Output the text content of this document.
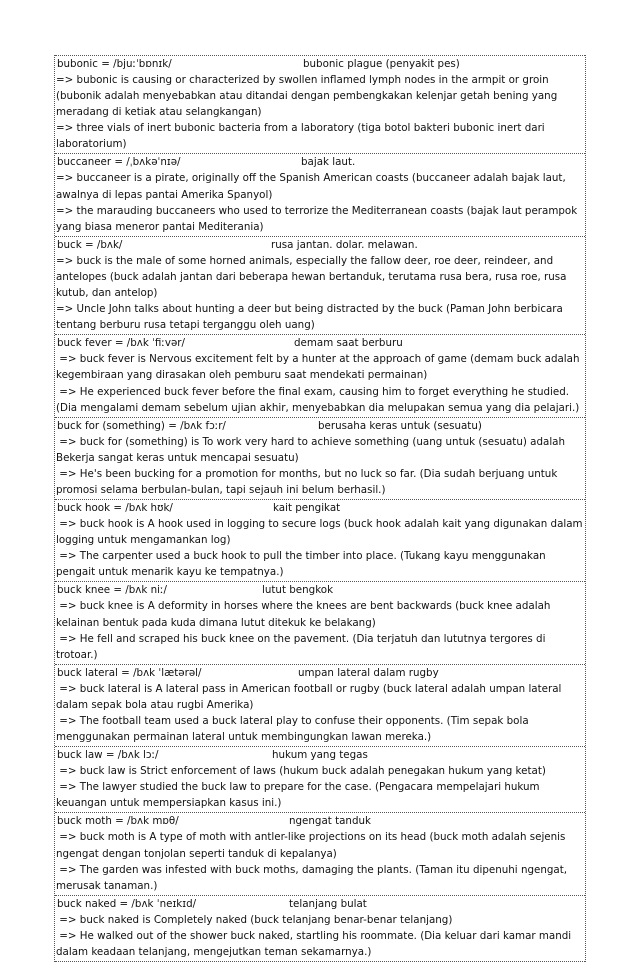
bubonic = /bjuːˈbɒnɪk/	bubonic plague (penyakit pes)
=> bubonic is causing or characterized by swollen inflamed lymph nodes in the armpit or groin (bubonik adalah menyebabkan atau ditandai dengan pembengkakan kelenjar getah bening yang meradang di ketiak atau selangkangan)
=> three vials of inert bubonic bacteria from a laboratory (tiga botol bakteri bubonic inert dari laboratorium)
buccaneer = /ˌbʌkəˈnɪə/	bajak laut.
=> buccaneer is a pirate, originally off the Spanish American coasts (buccaneer adalah bajak laut, awalnya di lepas pantai Amerika Spanyol)
=> the marauding buccaneers who used to terrorize the Mediterranean coasts (bajak laut perampok yang biasa meneror pantai Mediterania)
buck = /bʌk/	rusa jantan. dolar. melawan.
=> buck is the male of some horned animals, especially the fallow deer, roe deer, reindeer, and antelopes (buck adalah jantan dari beberapa hewan bertanduk, terutama rusa bera, rusa roe, rusa kutub, dan antelop)
=> Uncle John talks about hunting a deer but being distracted by the buck (Paman John berbicara tentang berburu rusa tetapi terganggu oleh uang)
buck fever = /bʌk ˈfiːvər/	demam saat berburu
=> buck fever is Nervous excitement felt by a hunter at the approach of game (demam buck adalah kegembiraan yang dirasakan oleh pemburu saat mendekati permainan)
=> He experienced buck fever before the final exam, causing him to forget everything he studied. (Dia mengalami demam sebelum ujian akhir, menyebabkan dia melupakan semua yang dia pelajari.)
buck for (something) = /bʌk fɔːr/	berusaha keras untuk (sesuatu)
=> buck for (something) is To work very hard to achieve something (uang untuk (sesuatu) adalah Bekerja sangat keras untuk mencapai sesuatu)
=> He's been bucking for a promotion for months, but no luck so far. (Dia sudah berjuang untuk promosi selama berbulan-bulan, tapi sejauh ini belum berhasil.)
buck hook = /bʌk hʊk/	kait pengikat
=> buck hook is A hook used in logging to secure logs (buck hook adalah kait yang digunakan dalam logging untuk mengamankan log)
=> The carpenter used a buck hook to pull the timber into place. (Tukang kayu menggunakan pengait untuk menarik kayu ke tempatnya.)
buck knee = /bʌk niː/	lutut bengkok
=> buck knee is A deformity in horses where the knees are bent backwards (buck knee adalah kelainan bentuk pada kuda dimana lutut ditekuk ke belakang)
=> He fell and scraped his buck knee on the pavement. (Dia terjatuh dan lututnya tergores di trotoar.)
buck lateral = /bʌk ˈlætərəl/	umpan lateral dalam rugby
=> buck lateral is A lateral pass in American football or rugby (buck lateral adalah umpan lateral dalam sepak bola atau rugbi Amerika)
=> The football team used a buck lateral play to confuse their opponents. (Tim sepak bola menggunakan permainan lateral untuk membingungkan lawan mereka.)
buck law = /bʌk lɔː/	hukum yang tegas
=> buck law is Strict enforcement of laws (hukum buck adalah penegakan hukum yang ketat)
=> The lawyer studied the buck law to prepare for the case. (Pengacara mempelajari hukum keuangan untuk mempersiapkan kasus ini.)
buck moth = /bʌk mɒθ/	ngengat tanduk
=> buck moth is A type of moth with antler-like projections on its head (buck moth adalah sejenis ngengat dengan tonjolan seperti tanduk di kepalanya)
=> The garden was infested with buck moths, damaging the plants. (Taman itu dipenuhi ngengat, merusak tanaman.)
buck naked = /bʌk ˈneɪkɪd/	telanjang bulat
=> buck naked is Completely naked (buck telanjang benar-benar telanjang)
=> He walked out of the shower buck naked, startling his roommate. (Dia keluar dari kamar mandi dalam keadaan telanjang, mengejutkan teman sekamarnya.)
